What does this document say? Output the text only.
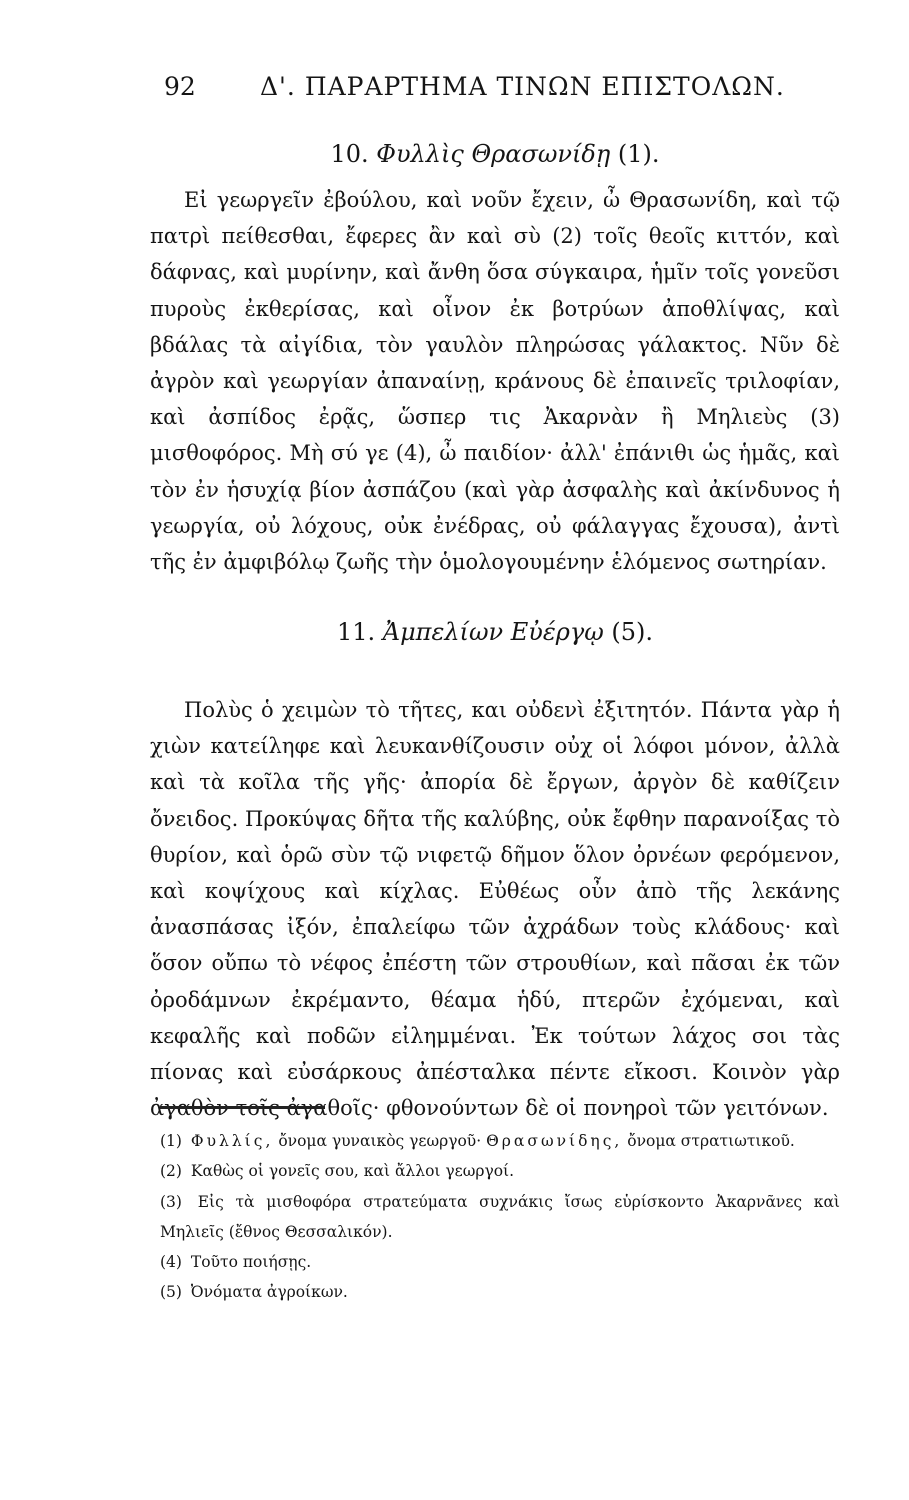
92	Δ'. ΠΑΡΑΡΤΗΜΑ ΤΙΝΩΝ ΕΠΙΣΤΟΛΩΝ.
10. Φυλλὶς Θρασωνίδῃ (1).

Εἰ γεωργεῖν ἐβούλου, καὶ νοῦν ἔχειν, ὦ Θρασωνίδη, καὶ τῷ πατρὶ πείθεσθαι, ἔφερες ἂν καὶ σὺ (2) τοῖς θεοῖς κιττόν, καὶ δάφνας, καὶ μυρίνην, καὶ ἄνθη ὅσα σύγκαιρα, ἡμῖν τοῖς γονεῦσι πυροὺς ἐκθερίσας, καὶ οἶνον ἐκ βοτρύων ἀποθλίψας, καὶ βδάλας τὰ αἰγίδια, τὸν γαυλὸν πληρώσας γάλακτος. Νῦν δὲ ἀγρὸν καὶ γεωργίαν ἀπαναίνῃ, κράνους δὲ ἐπαινεῖς τριλοφίαν, καὶ ἀσπίδος ἐρᾷς, ὥσπερ τις Ἀκαρνὰν ἢ Μηλιεὺς (3) μισθοφόρος. Μὴ σύ γε (4), ὦ παιδίον· ἀλλ' ἐπάνιθι ὡς ἡμᾶς, καὶ τὸν ἐν ἡσυχίᾳ βίον ἀσπάζου (καὶ γὰρ ἀσφαλὴς καὶ ἀκίνδυνος ἡ γεωργία, οὐ λόχους, οὐκ ἐνέδρας, οὐ φάλαγγας ἔχουσα), ἀντὶ τῆς ἐν ἀμφιβόλῳ ζωῆς τὴν ὁμολογουμένην ἑλόμενος σωτηρίαν.

11. Ἀμπελίων Εὐέργῳ (5).

Πολὺς ὁ χειμὼν τὸ τῆτες, και οὐδενὶ ἐξιτητόν. Πάντα γὰρ ἡ χιὼν κατείληφε καὶ λευκανθίζουσιν οὐχ οἱ λόφοι μόνον, ἀλλὰ καὶ τὰ κοῖλα τῆς γῆς· ἀπορία δὲ ἔργων, ἀργὸν δὲ καθίζειν ὄνειδος. Προκύψας δῆτα τῆς καλύβης, οὐκ ἔφθην παρανοίξας τὸ θυρίον, καὶ ὁρῶ σὺν τῷ νιφετῷ δῆμον ὅλον ὀρνέων φερόμενον, καὶ κοψίχους καὶ κίχλας. Εὐθέως οὖν ἀπὸ τῆς λεκάνης ἀνασπάσας ἰξόν, ἐπαλείφω τῶν ἀχράδων τοὺς κλάδους· καὶ ὅσον οὔπω τὸ νέφος ἐπέστη τῶν στρουθίων, καὶ πᾶσαι ἐκ τῶν ὀροδάμνων ἐκρέμαντο, θέαμα ἡδύ, πτερῶν ἐχόμεναι, καὶ κεφαλῆς καὶ ποδῶν εἰλημμέναι. Ἐκ τούτων λάχος σοι τὰς πίονας καὶ εὐσάρκους ἀπέσταλκα πέντε εἴκοσι. Κοινὸν γὰρ ἀγαθὸν τοῖς ἀγαθοῖς· φθονούντων δὲ οἱ πονηροὶ τῶν γειτόνων.

(1) Φυλλίς, ὄνομα γυναικὸς γεωργοῦ· Θρασωνίδης, ὄνομα στρατιωτικοῦ.

(2) Καθὼς οἱ γονεῖς σου, καὶ ἄλλοι γεωργοί.

(3) Εἰς τὰ μισθοφόρα στρατεύματα συχνάκις ἴσως εὑρίσκοντο Ἀκαρνᾶνες καὶ Μηλιεῖς (ἔθνος Θεσσαλικόν).

(4) Τοῦτο ποιήσῃς.

(5) Ὀνόματα ἀγροίκων.
